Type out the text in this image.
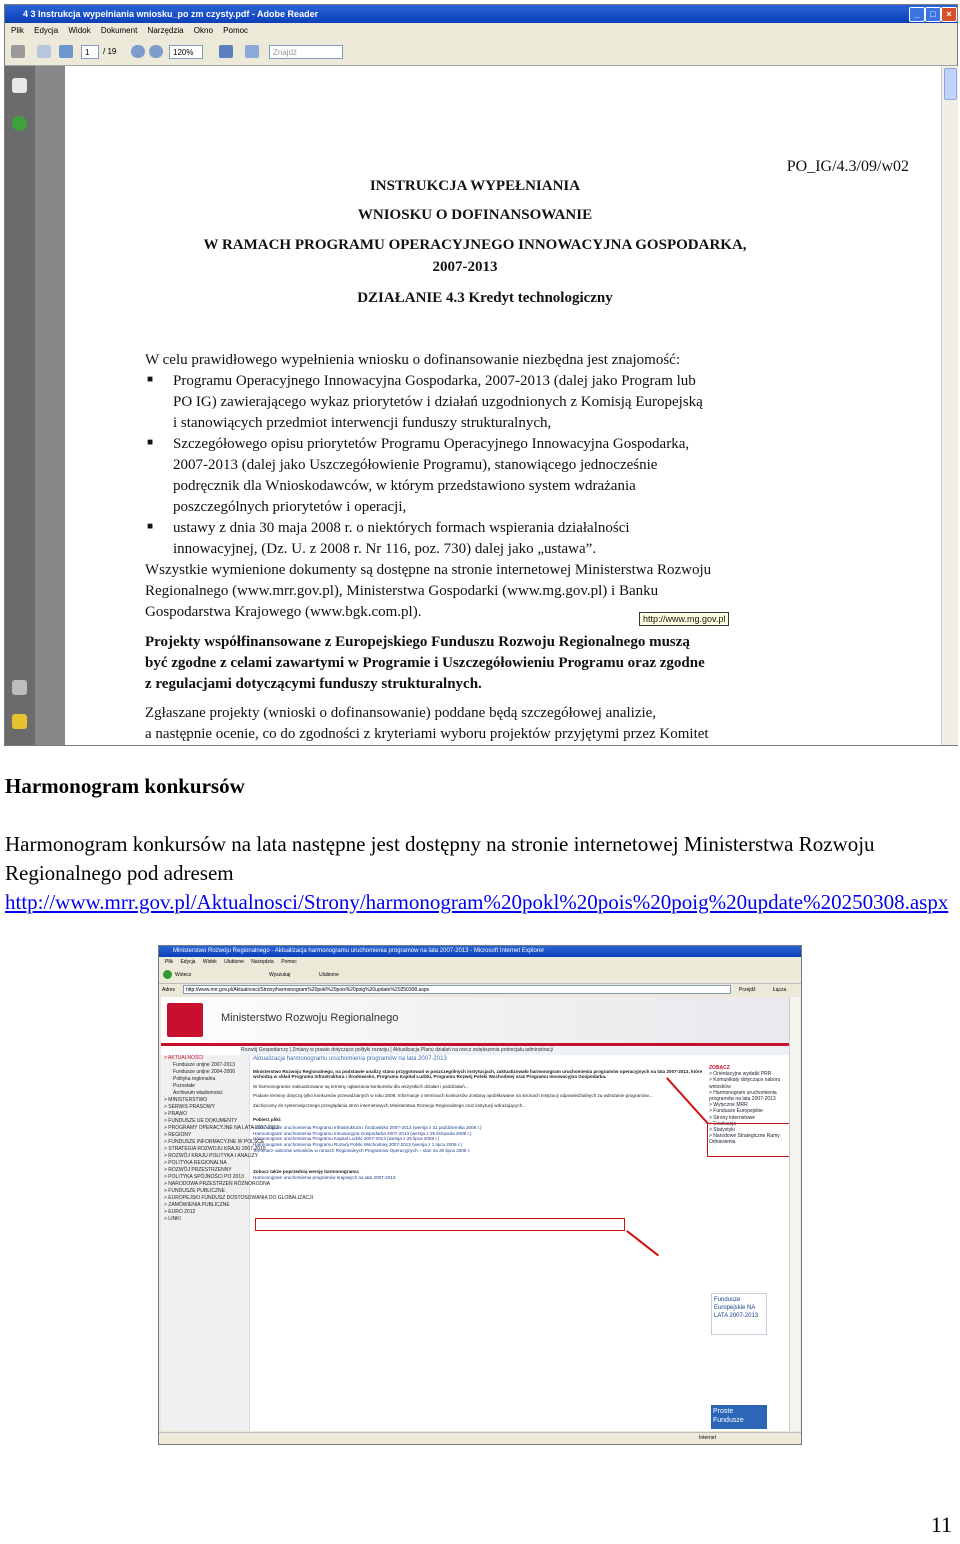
4 3 Instrukcja wypelniania wniosku_po zm czysty.pdf - Adobe Reader	_	□	×
Plik Edycja Widok Dokument Narzędzia Okno Pomoc
1	/ 19	120%	Znajdź
PO_IG/4.3/09/w02
INSTRUKCJA WYPEŁNIANIA
WNIOSKU O DOFINANSOWANIE
W RAMACH PROGRAMU OPERACYJNEGO INNOWACYJNA GOSPODARKA,
2007-2013
DZIAŁANIE 4.3 Kredyt technologiczny
W celu prawidłowego wypełnienia wniosku o dofinansowanie niezbędna jest znajomość:
■ Programu Operacyjnego Innowacyjna Gospodarka, 2007-2013 (dalej jako Program lub
PO IG) zawierającego wykaz priorytetów i działań uzgodnionych z Komisją Europejską
i stanowiących przedmiot interwencji funduszy strukturalnych,
■ Szczegółowego opisu priorytetów Programu Operacyjnego Innowacyjna Gospodarka,
2007-2013 (dalej jako Uszczegółowienie Programu), stanowiącego jednocześnie
podręcznik dla Wnioskodawców, w którym przedstawiono system wdrażania
poszczególnych priorytetów i operacji,
■ ustawy z dnia 30 maja 2008 r. o niektórych formach wspierania działalności
innowacyjnej, (Dz. U. z 2008 r. Nr 116, poz. 730) dalej jako „ustawa”.
Wszystkie wymienione dokumenty są dostępne na stronie internetowej Ministerstwa Rozwoju
Regionalnego (www.mrr.gov.pl), Ministerstwa Gospodarki (www.mg.gov.pl) i Banku
Gospodarstwa Krajowego (www.bgk.com.pl).	http://www.mg.gov.pl
Projekty współfinansowane z Europejskiego Funduszu Rozwoju Regionalnego muszą
być zgodne z celami zawartymi w Programie i Uszczegółowieniu Programu oraz zgodne
z regulacjami dotyczącymi funduszy strukturalnych.
Zgłaszane projekty (wnioski o dofinansowanie) poddane będą szczegółowej analizie,
a następnie ocenie, co do zgodności z kryteriami wyboru projektów przyjętymi przez Komitet
Harmonogram konkursów
Harmonogram konkursów na lata następne jest dostępny na stronie internetowej Ministerstwa Rozwoju Regionalnego pod adresem
http://www.mrr.gov.pl/Aktualnosci/Strony/harmonogram%20pokl%20pois%20poig%20update%20250308.aspx
Ministerstwo Rozwoju Regionalnego - Aktualizacja harmonogramu uruchomienia programów na lata 2007-2013 - Microsoft Internet Explorer
Plik Edycja Widok Ulubione Narzędzia Pomoc
Wstecz	Wyszukaj	Ulubione
Adres	http://www.mrr.gov.pl/Aktualnosci/Strony/harmonogram%20pokl%20pois%20poig%20update%20250308.aspx	Przejdź	Łącza
Ministerstwo Rozwoju Regionalnego
Rozwój Gospodarczy | Zmiany w prawie dotyczące polityki rozwoju | Aktualizacja Planu działań na rzecz zwiększenia potencjału administracji
> AKTUALNOŚCI
Fundusze unijne 2007-2013
Fundusze unijne 2004-2006
Polityka regionalna
Pozostałe
Archiwum wiadomości
> MINISTERSTWO
> SERWIS PRASOWY
> PRAWO
> FUNDUSZE UE DOKUMENTY
> PROGRAMY OPERACYJNE NA LATA 2007-2013
> REGIONY
> FUNDUSZE INFORMACYJNE W POLSCE
> STRATEGIA ROZWOJU KRAJU 2007-2015
> ROZWÓJ KRAJU POLITYKA I ANALIZY
> POLITYKA REGIONALNA
> ROZWÓJ PRZESTRZENNY
> POLITYKA SPÓJNOŚCI PO 2013
> NARODOWA PRZESTRZEŃ RÓŻNORODNA
> FUNDUSZE PUBLICZNE
> EUROPEJSKI FUNDUSZ DOSTOSOWANIA DO GLOBALIZACJI
> ZAMÓWIENIA PUBLICZNE
> EURO 2012
> LINKI
Aktualizacja harmonogramu uruchomienia programów na lata 2007-2013
Ministerstwo Rozwoju Regionalnego, na podstawie analizy stanu przygotowań w poszczególnych instytucjach, zaktualizowało harmonogram uruchomienia programów operacyjnych na lata 2007-2013, które wchodzą w skład Programu Infrastruktura i Środowisko, Programu Kapitał Ludzki, Programu Rozwój Polski Wschodniej oraz Programu Innowacyjna Gospodarka.
W harmonogramie zaktualizowane są terminy ogłaszania konkursów dla wszystkich działań i poddziałań...
Podane terminy dotyczą tylko konkursów przewidzianych w roku 2008. Informacje o terminach konkursów zostaną opublikowane na stronach instytucji odpowiedzialnych za wdrażanie programów...
Zachęcamy do systematycznego przeglądania stron internetowych Ministerstwa Rozwoju Regionalnego oraz instytucji wdrażających...
Pobierz pliki:
Harmonogram uruchomienia Programu Infrastruktura i Środowisko 2007-2013 (wersja z 31 października 2008 r.)
Harmonogram uruchomienia Programu Innowacyjna Gospodarka 2007-2013 (wersja z 25 listopada 2008 r.)
Harmonogram uruchomienia Programu Kapitał Ludzki 2007-2013 (wersja z 25 lipca 2008 r.)
Harmonogram uruchomienia Programu Rozwój Polski Wschodniej 2007-2013 (wersja z 1 lipca 2008 r.)
Terminarz naborów wniosków w ramach Regionalnych Programów Operacyjnych – stan na 30 lipca 2008 r.
Zobacz także poprzednią wersję harmonogramu:
Harmonogram uruchomienia programów krajowych na lata 2007-2013
ZOBACZ
> Orientacyjne wydatki PRR
> Komunikaty dotyczące naboru wniosków
> Harmonogram uruchomienia programów na lata 2007-2013
> Wytyczne MRR
> Fundusze Europejskie
> Strony internetowe
> Ewaluacja
> Statystyki
> Narodowe Strategiczne Ramy Odniesienia
Fundusze Europejskie NA LATA 2007-2013
Proste Fundusze
Internet
11
